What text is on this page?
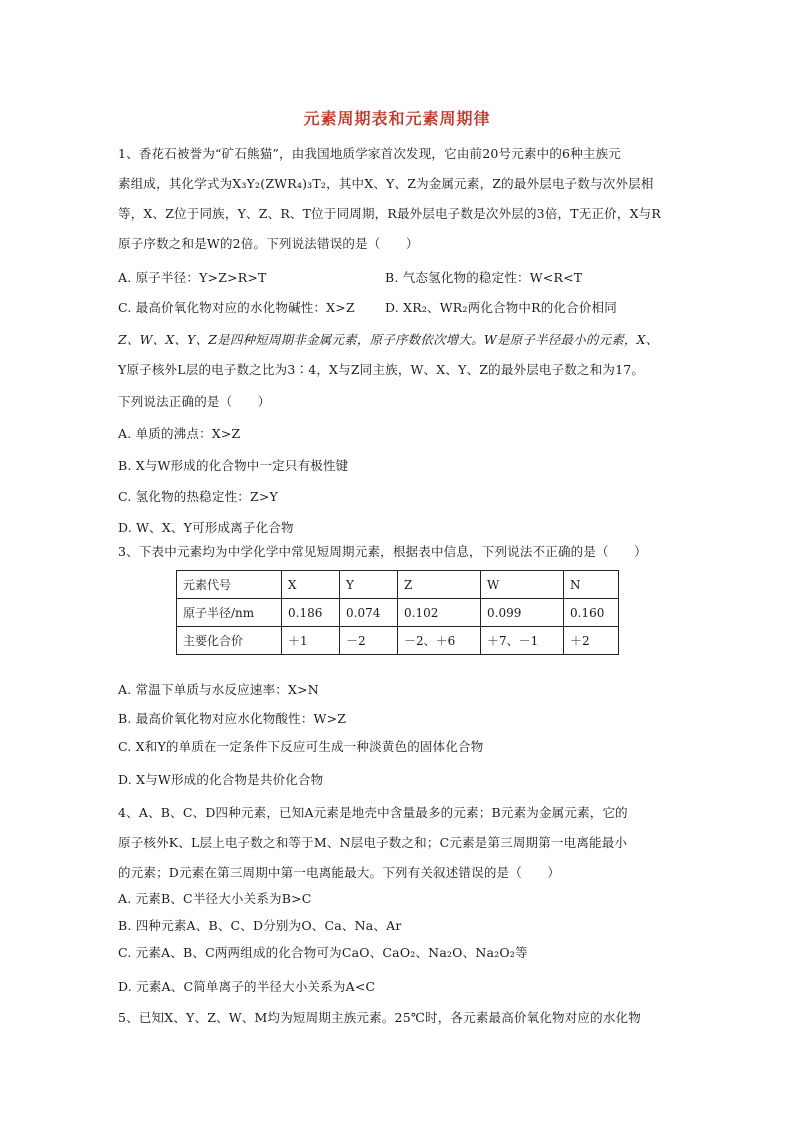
元素周期表和元素周期律
1、香花石被誉为“矿石熊猫”，由我国地质学家首次发现，它由前20号元素中的6种主族元
素组成，其化学式为X₃Y₂(ZWR₄)₃T₂，其中X、Y、Z为金属元素，Z的最外层电子数与次外层相
等，X、Z位于同族，Y、Z、R、T位于同周期，R最外层电子数是次外层的3倍，T无正价，X与R
原子序数之和是W的2倍。下列说法错误的是（　　）
A. 原子半径：Y>Z>R>T	B. 气态氢化物的稳定性：W<R<T
C. 最高价氧化物对应的水化物碱性：X>Z	D. XR₂、WR₂两化合物中R的化合价相同
Z、W、X、Y、Z是四种短周期非金属元素，原子序数依次增大。W是原子半径最小的元素，X、
Y原子核外L层的电子数之比为3∶4，X与Z同主族，W、X、Y、Z的最外层电子数之和为17。
下列说法正确的是（　　）
A. 单质的沸点：X>Z
B. X与W形成的化合物中一定只有极性键
C. 氢化物的热稳定性：Z>Y
D. W、X、Y可形成离子化合物
3、下表中元素均为中学化学中常见短周期元素，根据表中信息，下列说法不正确的是（　　）
元素代号	X	Y	Z	W	N
原子半径/nm	0.186	0.074	0.102	0.099	0.160
主要化合价	＋1	－2	－2、＋6	＋7、－1	＋2
A. 常温下单质与水反应速率：X>N
B. 最高价氧化物对应水化物酸性：W>Z
C. X和Y的单质在一定条件下反应可生成一种淡黄色的固体化合物
D. X与W形成的化合物是共价化合物
4、A、B、C、D四种元素，已知A元素是地壳中含量最多的元素；B元素为金属元素，它的
原子核外K、L层上电子数之和等于M、N层电子数之和；C元素是第三周期第一电离能最小
的元素；D元素在第三周期中第一电离能最大。下列有关叙述错误的是（　　）
A. 元素B、C半径大小关系为B>C
B. 四种元素A、B、C、D分别为O、Ca、Na、Ar
C. 元素A、B、C两两组成的化合物可为CaO、CaO₂、Na₂O、Na₂O₂等
D. 元素A、C简单离子的半径大小关系为A<C
5、已知X、Y、Z、W、M均为短周期主族元素。25℃时，各元素最高价氧化物对应的水化物
